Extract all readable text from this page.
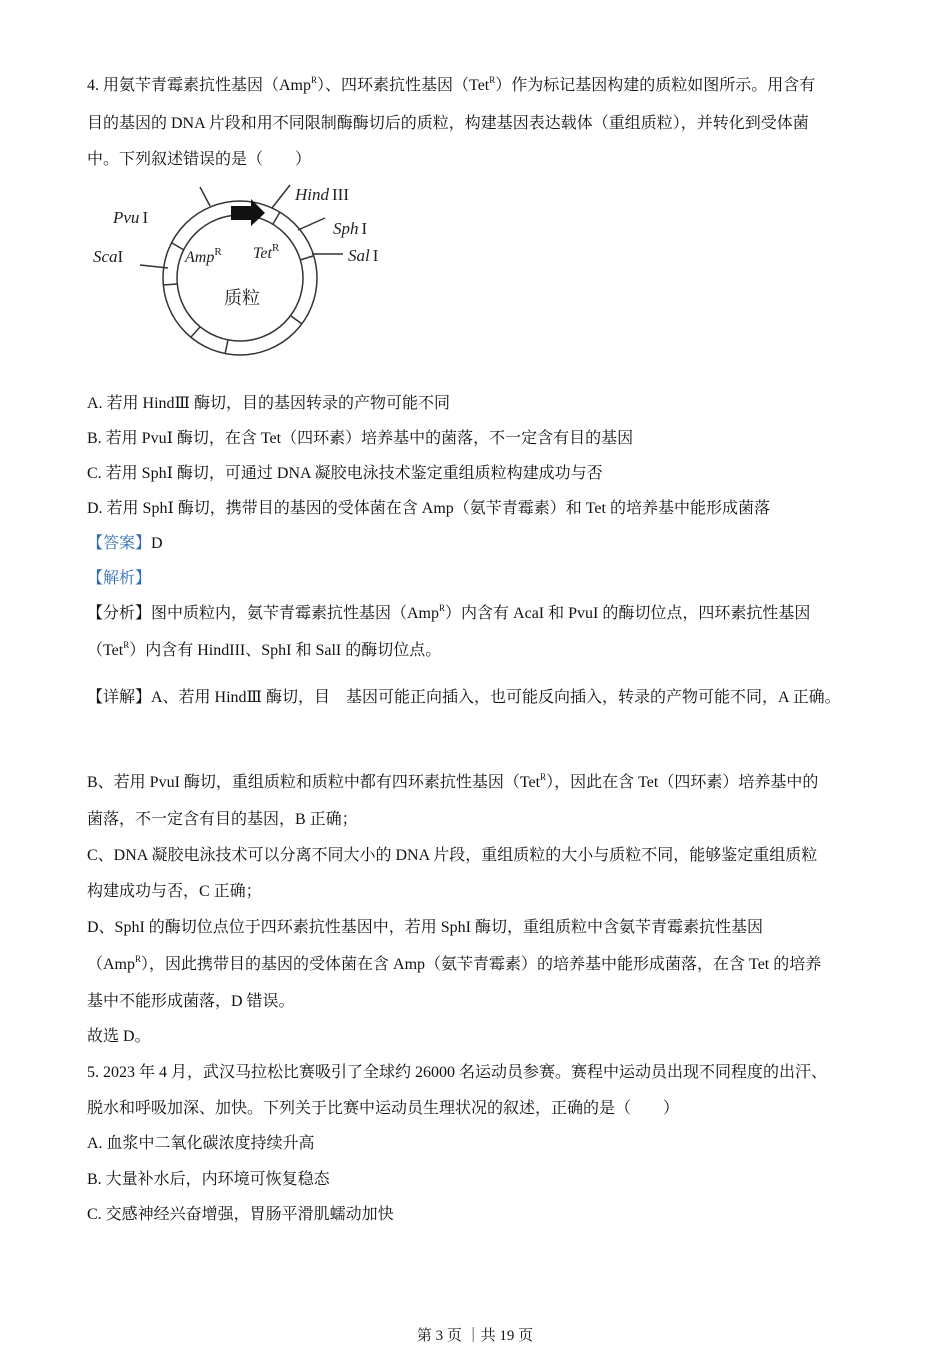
4. 用氨苄青霉素抗性基因（Amp$^R$）、四环素抗性基因（Tet$^R$）作为标记基因构建的质粒如图所示。用含有
目的基因的 DNA 片段和用不同限制酶酶切后的质粒，构建基因表达载体（重组质粒），并转化到受体菌
中。下列叙述错误的是（　　）
A. 若用 HindⅢ 酶切，目的基因转录的产物可能不同
B. 若用 PvuⅠ 酶切，在含 Tet（四环素）培养基中的菌落，不一定含有目的基因
C. 若用 SphⅠ 酶切，可通过 DNA 凝胶电泳技术鉴定重组质粒构建成功与否
D. 若用 SphⅠ 酶切，携带目的基因的受体菌在含 Amp（氨苄青霉素）和 Tet 的培养基中能形成菌落
【答案】D
【解析】
【分析】图中质粒内，氨苄青霉素抗性基因（Amp$^R$）内含有 AcaI 和 PvuI 的酶切位点，四环素抗性基因
（Tet$^R$）内含有 HindIII、SphI 和 SalI 的酶切位点。
【详解】A、若用 HindⅢ 酶切，目　基因可能正向插入，也可能反向插入，转录的产物可能不同，A 正确。
B、若用 PvuI 酶切，重组质粒和质粒中都有四环素抗性基因（Tet$^R$），因此在含 Tet（四环素）培养基中的
菌落，不一定含有目的基因，B 正确；
C、DNA 凝胶电泳技术可以分离不同大小的 DNA 片段，重组质粒的大小与质粒不同，能够鉴定重组质粒
构建成功与否，C 正确；
D、SphI 的酶切位点位于四环素抗性基因中，若用 SphI 酶切，重组质粒中含氨苄青霉素抗性基因
（Amp$^R$），因此携带目的基因的受体菌在含 Amp（氨苄青霉素）的培养基中能形成菌落，在含 Tet 的培养
基中不能形成菌落，D 错误。
故选 D。
5. 2023 年 4 月，武汉马拉松比赛吸引了全球约 26000 名运动员参赛。赛程中运动员出现不同程度的出汗、
脱水和呼吸加深、加快。下列关于比赛中运动员生理状况的叙述，正确的是（　　）
A. 血浆中二氧化碳浓度持续升高
B. 大量补水后，内环境可恢复稳态
C. 交感神经兴奋增强，胃肠平滑肌蠕动加快
Pvu I
ScaI
Hind III
Sph I
Sal I
Amp$^R$ Tet$^R$
质粒
第 3 页 ｜共 19 页
